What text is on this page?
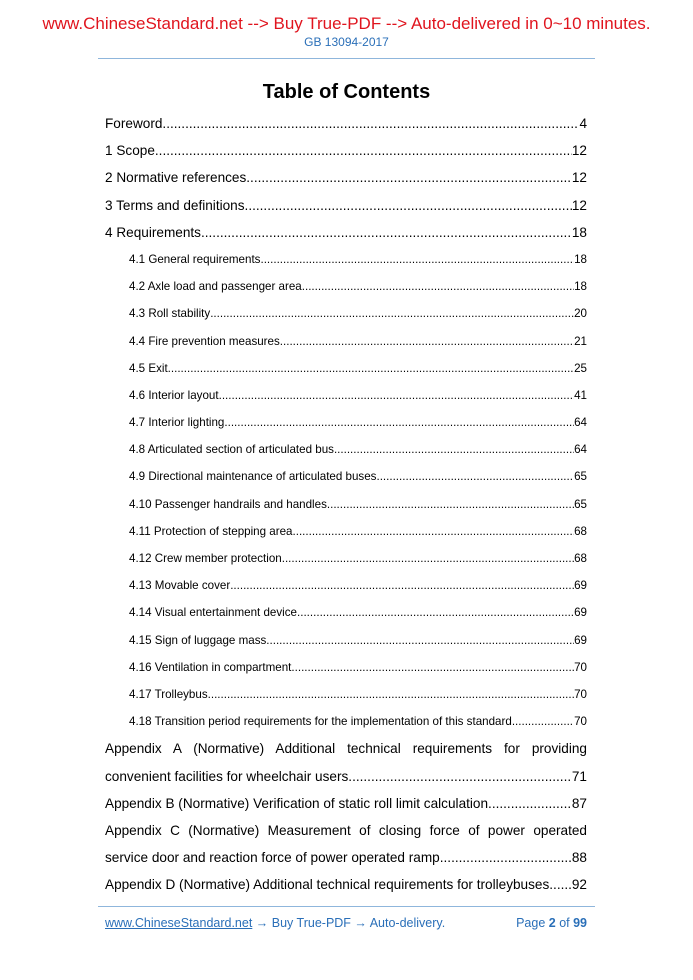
www.ChineseStandard.net --> Buy True-PDF --> Auto-delivered in 0~10 minutes.
GB 13094-2017
Table of Contents
Foreword .....	4
1 Scope .....	12
2 Normative references .....	12
3 Terms and definitions .....	12
4 Requirements .....	18
4.1 General requirements .....	18
4.2 Axle load and passenger area .....	18
4.3 Roll stability .....	20
4.4 Fire prevention measures .....	21
4.5 Exit .....	25
4.6 Interior layout .....	41
4.7 Interior lighting .....	64
4.8 Articulated section of articulated bus .....	64
4.9 Directional maintenance of articulated buses .....	65
4.10 Passenger handrails and handles .....	65
4.11 Protection of stepping area .....	68
4.12 Crew member protection .....	68
4.13 Movable cover .....	69
4.14 Visual entertainment device .....	69
4.15 Sign of luggage mass .....	69
4.16 Ventilation in compartment .....	70
4.17 Trolleybus .....	70
4.18 Transition period requirements for the implementation of this standard .....	70
Appendix A (Normative) Additional technical requirements for providing
convenient facilities for wheelchair users .....	71
Appendix B (Normative) Verification of static roll limit calculation .....	87
Appendix C (Normative) Measurement of closing force of power operated
service door and reaction force of power operated ramp .....	88
Appendix D (Normative) Additional technical requirements for trolleybuses ..... 92
www.ChineseStandard.net → Buy True-PDF → Auto-delivery.	Page 2 of 99
